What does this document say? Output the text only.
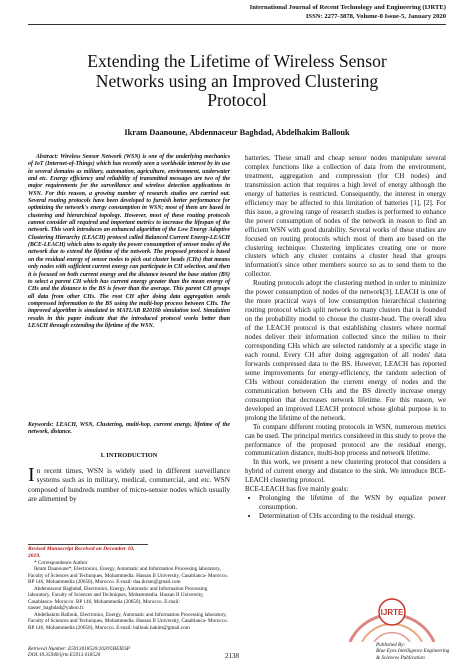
International Journal of Recent Technology and Engineering (IJRTE)
ISSN: 2277-3878, Volume-8 Issue-5, January 2020
Extending the Lifetime of Wireless Sensor
Networks using an Improved Clustering
Protocol
Ikram Daanoune, Abdennaceur Baghdad, Abdelhakim Ballouk
Abstract: Wireless Sensor Network (WSN) is one of the underlying mechanics of IoT (Internet-of-Things) which has recently seen a worldwide interest by its use in several domains as military, automation, agriculture, environment, underwater and etc. Energy efficiency and reliability of transmitted messages are two of the major requirements for the surveillance and wireless detection applications in WSN. For this reason, a growing number of research studies are carried out. Several routing protocols have been developed to furnish better performance for optimizing the network's energy consumption in WSN; most of them are based in clustering and hierarchical topology. However, most of these routing protocols cannot consider all required and important metrics to increase the lifespan of the network. This work introduces an enhanced algorithm of the Low Energy Adaptive Clustering Hierarchy (LEACH) protocol called Balanced Current Energy-LEACH (BCE-LEACH) which aims to equity the power consumption of sensor nodes of the network due to extend the lifetime of the network. The proposed protocol is based on the residual energy of sensor nodes to pick out cluster heads (CHs) that means only nodes with sufficient current energy can participate in CH selection, and then it is focused on both current energy and the distance toward the base station (BS) to select a parent CH which has current energy greater than the mean energy of CHs and the distance to the BS is fewer than the average. This parent CH groups all data from other CHs. The root CH after doing data aggregation sends compressed information to the BS using the multi-hop process between CHs. The improved algorithm is simulated in MATLAB R2016b simulation tool. Simulation results in this paper indicate that the introduced protocol works better than LEACH through extending the lifetime of the WSN.
Keywords: LEACH, WSN, Clustering, multi-hop, current energy, lifetime of the network, distance.
I. INTRODUCTION
In recent times, WSN is widely used in different surveillance systems such as in military, medical, commercial, and etc. WSN composed of hundreds number of micro-sensor nodes which usually are alimented by
Revised Manuscript Received on December 10, 2019.

* Correspondence Author

Ikram Daanoune*, Electronics, Energy, Automatic and Information Processing laboratory, Faculty of Sciences and Techniques, Mohammedia. Hassan II University, Casablanca- Morocco. BP 146, Mohammedia (20650), Morocco. E-mail: daa.ikram@gmail.com

Abdennaceur Baghdad, Electronics, Energy, Automatic and Information Processing laboratory, Faculty of Sciences and Techniques, Mohammedia. Hassan II University, Casablanca- Morocco. BP 146, Mohammedia (20650), Morocco. E-mail: nasser_baghdad@yahoo.fr.

Abdelhakim Ballouk, Electronics, Energy, Automatic and Information Processing laboratory, Faculty of Sciences and Techniques, Mohammedia. Hassan II University, Casablanca- Morocco. BP 146, Mohammedia (20650), Morocco. E-mail: ballouk.hakim@gmail.com

batteries. These small and cheap sensor nodes manipulate several complex functions like a collection of data from the environment, treatment, aggregation and compression (for CH nodes) and transmission action that requires a high level of energy although the energy of batteries is restricted. Consequently, the interest in energy efficiency may be affected to this limitation of batteries [1], [2]. For this issue, a growing range of research studies is performed to enhance the power consumption of nodes of the network in reason to find an efficient WSN with good durability. Several works of these studies are focused on routing protocols which most of them are based on the clustering technique. Clustering implicates creating one or more clusters which any cluster contains a cluster head that groups information's since other members source so as to send them to the collector.

Routing protocols adopt the clustering method in order to minimize the power consumption of nodes of the network[3]. LEACH is one of the more practical ways of low consumption hierarchical clustering routing protocol which split network to many clusters that is founded on the probability model to choose the cluster-head. The overall idea of the LEACH protocol is that establishing clusters where normal nodes deliver their information collected since the milieu to their corresponding CHs which are selected randomly at a specific stage in each round. Every CH after doing aggregation of all nodes' data forwards compressed data to the BS. However, LEACH has reported some improvements for energy-efficiency, the random selection of CHs without consideration the current energy of nodes and the communication between CHs and the BS directly increase energy consumption that decreases network lifetime. For this reason, we developed an improved LEACH protocol whose global purpose is to prolong the lifetime of the network.

To compare different routing protocols in WSN, numerous metrics can be used. The principal metrics considered in this study to prove the performance of the proposed protocol are the residual energy, communication distance, multi-hop process and network lifetime.

In this work, we present a new clustering protocol that considers a hybrid of current energy and distance to the sink. We introduce BCE-LEACH clustering protocol.

BCE-LEACH has five mainly goals:

• Prolonging the lifetime of the WSN by equalize power consumption.
• Determination of CHs according to the residual energy.
IJRTE
Retrieval Number: E5913018520/2020©BEIESP
DOI:10.35940/ijrte.E5913.018520	2138
Published By:
Blue Eyes Intelligence Engineering
& Sciences Publication
